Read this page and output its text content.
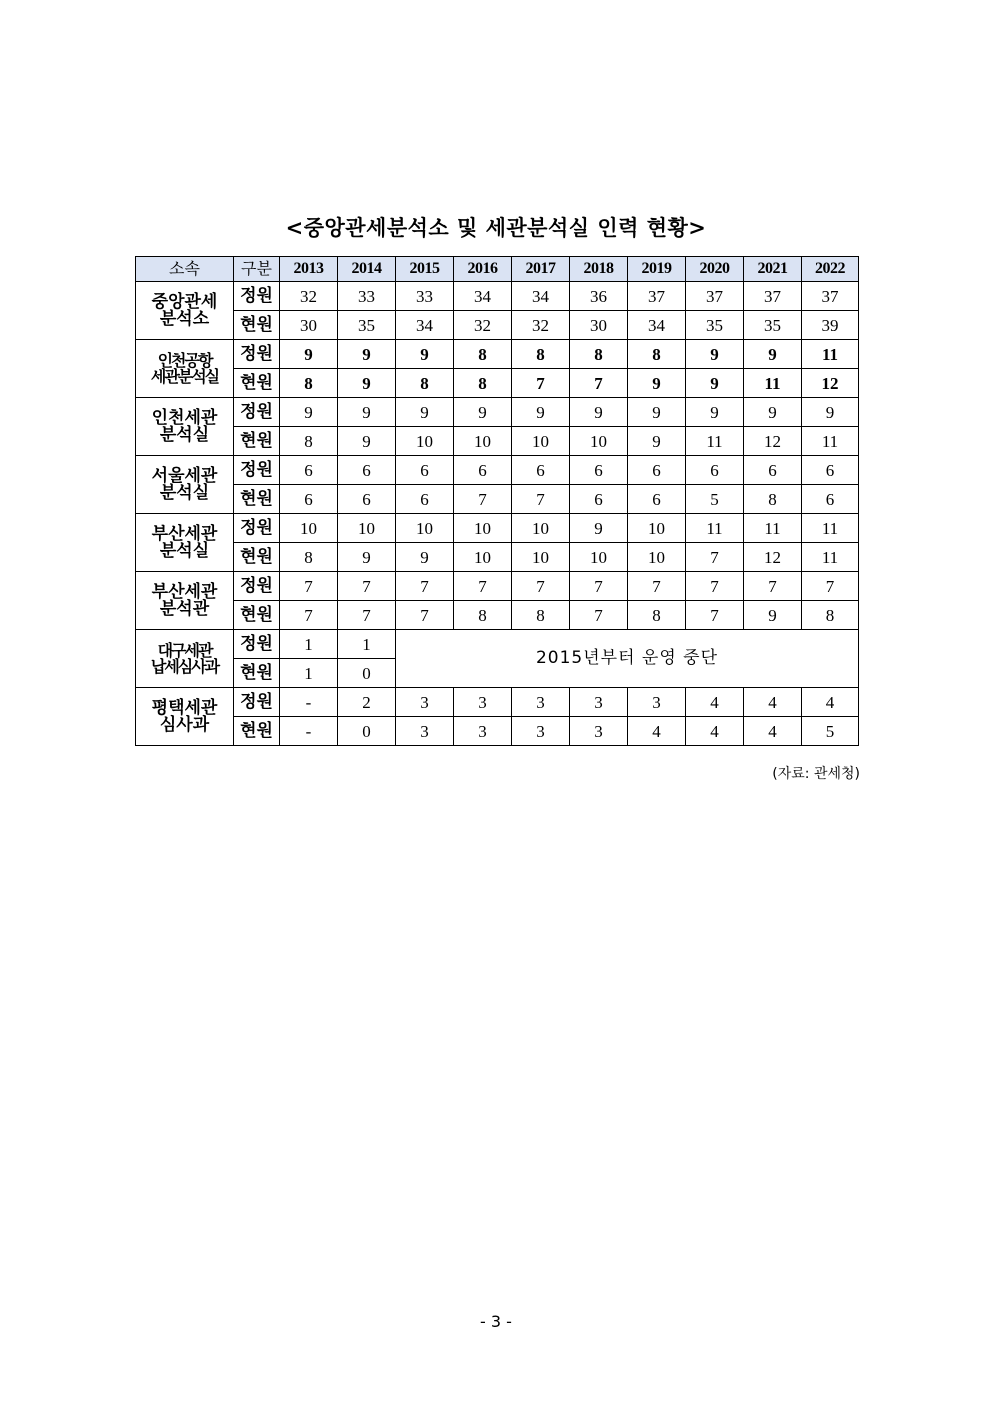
<중앙관세분석소 및 세관분석실 인력 현황>
소속	구분	2013	2014	2015	2016	2017	2018	2019	2020	2021	2022
중앙관세
분석소	정원	32	33	33	34	34	36	37	37	37	37
	현원	30	35	34	32	32	30	34	35	35	39
인천공항
세관분석실	정원	9	9	9	8	8	8	8	9	9	11
	현원	8	9	8	8	7	7	9	9	11	12
인천세관
분석실	정원	9	9	9	9	9	9	9	9	9	9
	현원	8	9	10	10	10	10	9	11	12	11
서울세관
분석실	정원	6	6	6	6	6	6	6	6	6	6
	현원	6	6	6	7	7	6	6	5	8	6
부산세관
분석실	정원	10	10	10	10	10	9	10	11	11	11
	현원	8	9	9	10	10	10	10	7	12	11
부산세관
분석관	정원	7	7	7	7	7	7	7	7	7	7
	현원	7	7	7	8	8	7	8	7	9	8
대구세관
납세심사과	정원	1	1	2015년부터 운영 중단							
	현원	1	0								
평택세관
심사과	정원	-	2	3	3	3	3	3	4	4	4
	현원	-	0	3	3	3	3	4	4	4	5
(자료: 관세청)
- 3 -
